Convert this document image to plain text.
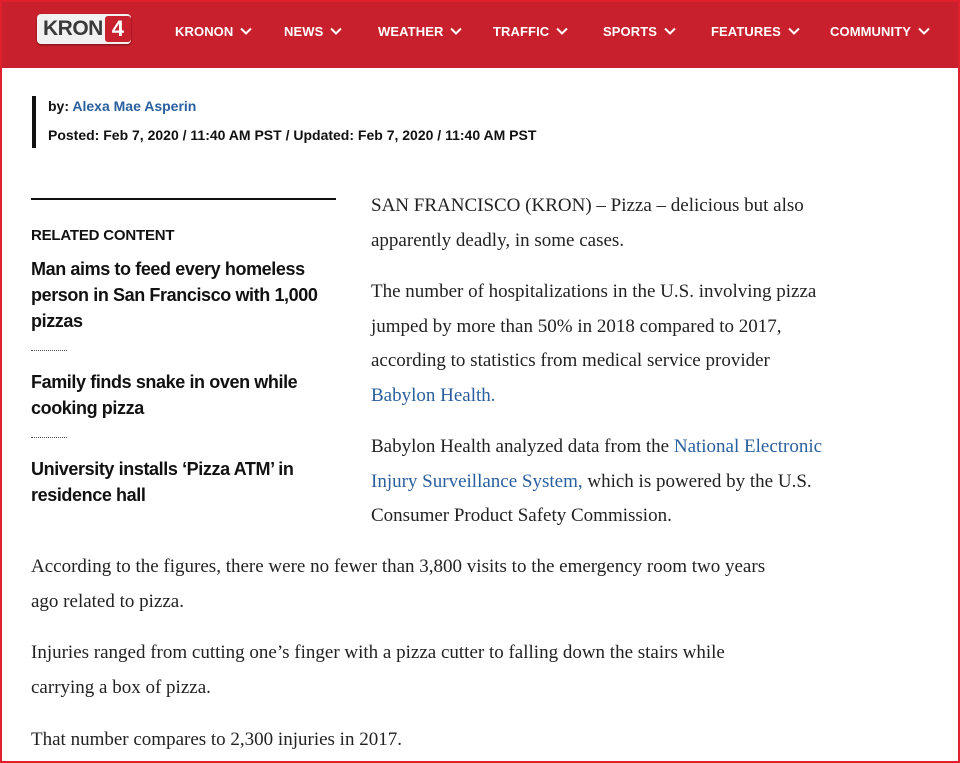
KRON 4	KRONON	NEWS	WEATHER	TRAFFIC	SPORTS	FEATURES	COMMUNITY
by: Alexa Mae Asperin
Posted: Feb 7, 2020 / 11:40 AM PST / Updated: Feb 7, 2020 / 11:40 AM PST
RELATED CONTENT
Man aims to feed every homeless
person in San Francisco with 1,000
pizzas
Family finds snake in oven while
cooking pizza
University installs ‘Pizza ATM’ in
residence hall
SAN FRANCISCO (KRON) – Pizza – delicious but also
apparently deadly, in some cases.
The number of hospitalizations in the U.S. involving pizza
jumped by more than 50% in 2018 compared to 2017,
according to statistics from medical service provider
Babylon Health.
Babylon Health analyzed data from the National Electronic
Injury Surveillance System, which is powered by the U.S.
Consumer Product Safety Commission.
According to the figures, there were no fewer than 3,800 visits to the emergency room two years
ago related to pizza.
Injuries ranged from cutting one’s finger with a pizza cutter to falling down the stairs while
carrying a box of pizza.
That number compares to 2,300 injuries in 2017.
